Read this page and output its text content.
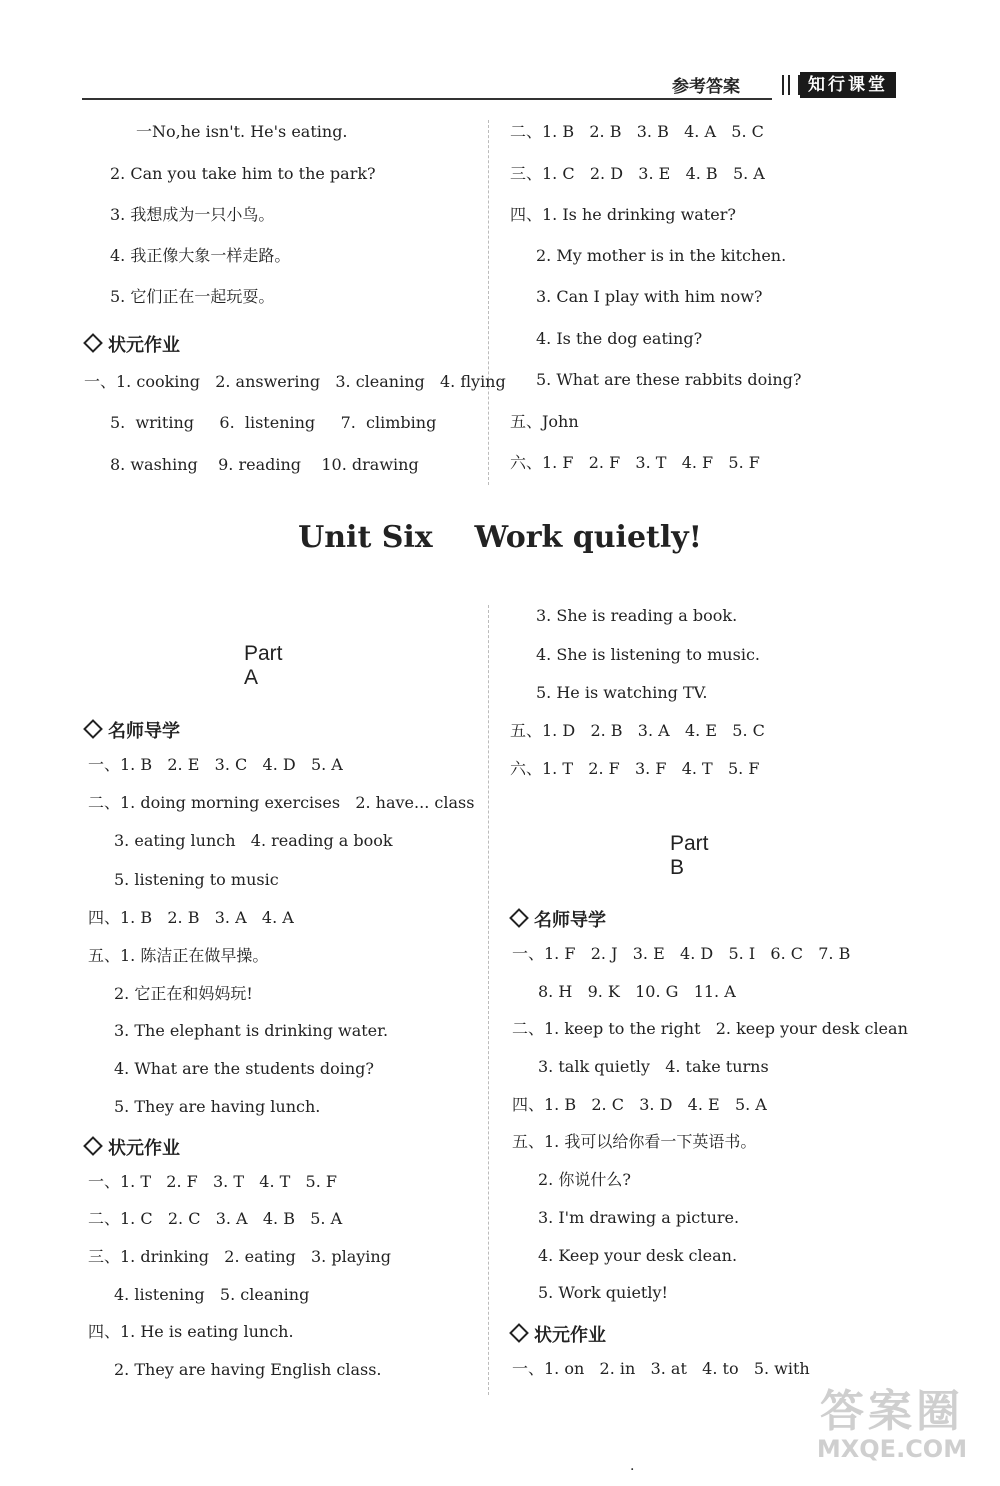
参考答案	知行课堂
一No,he isn't. He's eating.
2. Can you take him to the park?
3. 我想成为一只小鸟。
4. 我正像大象一样走路。
5. 它们正在一起玩耍。
状元作业
一、1. cooking   2. answering   3. cleaning   4. flying
5.  writing     6.  listening     7.  climbing
8. washing    9. reading    10. drawing
二、1. B   2. B   3. B   4. A   5. C
三、1. C   2. D   3. E   4. B   5. A
四、1. Is he drinking water?
2. My mother is in the kitchen.
3. Can I play with him now?
4. Is the dog eating?
5. What are these rabbits doing?
五、John
六、1. F   2. F   3. T   4. F   5. F
Unit Six    Work quietly!
Part A
名师导学
一、1. B   2. E   3. C   4. D   5. A
二、1. doing morning exercises   2. have... class
3. eating lunch   4. reading a book
5. listening to music
四、1. B   2. B   3. A   4. A
五、1. 陈洁正在做早操。
2. 它正在和妈妈玩!
3. The elephant is drinking water.
4. What are the students doing?
5. They are having lunch.
状元作业
一、1. T   2. F   3. T   4. T   5. F
二、1. C   2. C   3. A   4. B   5. A
三、1. drinking   2. eating   3. playing
4. listening   5. cleaning
四、1. He is eating lunch.
2. They are having English class.
3. She is reading a book.
4. She is listening to music.
5. He is watching TV.
五、1. D   2. B   3. A   4. E   5. C
六、1. T   2. F   3. F   4. T   5. F
Part B
名师导学
一、1. F   2. J   3. E   4. D   5. I   6. C   7. B
8. H   9. K   10. G   11. A
二、1. keep to the right   2. keep your desk clean
3. talk quietly   4. take turns
四、1. B   2. C   3. D   4. E   5. A
五、1. 我可以给你看一下英语书。
2. 你说什么?
3. I'm drawing a picture.
4. Keep your desk clean.
5. Work quietly!
状元作业
一、1. on   2. in   3. at   4. to   5. with
·
答案圈
MXQE.COM
